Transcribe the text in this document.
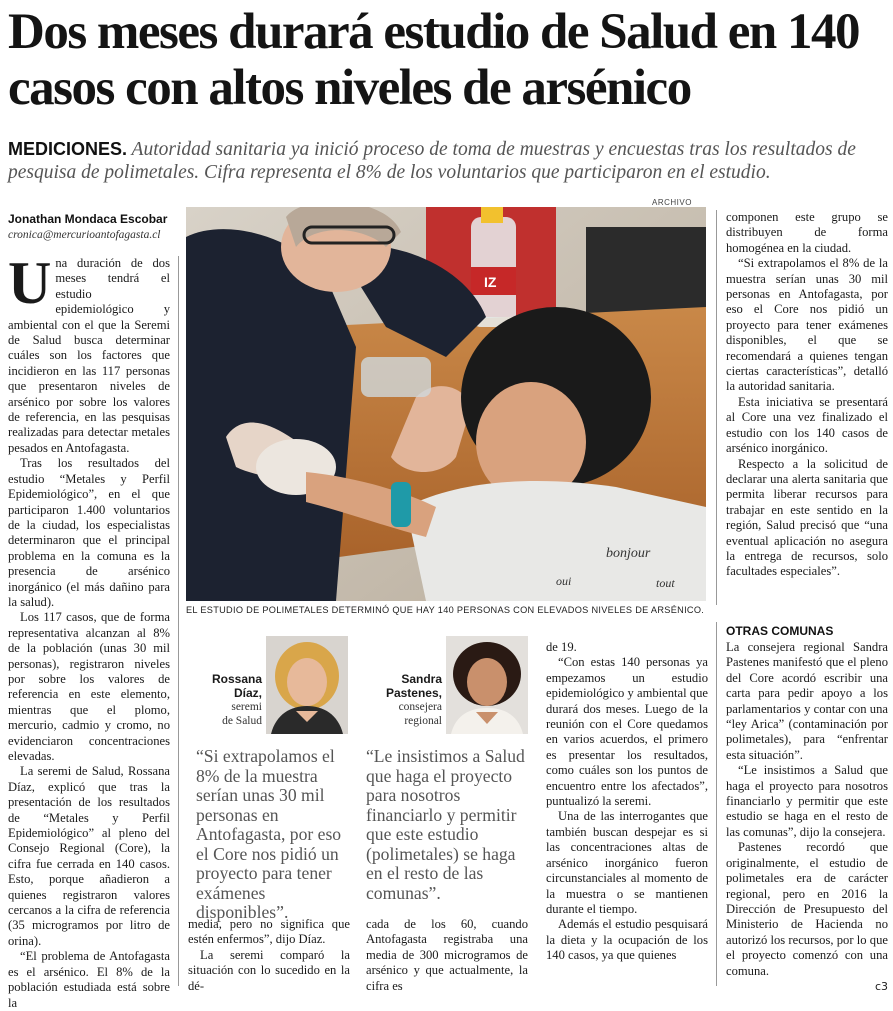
Dos meses durará estudio de Salud en 140 casos con altos niveles de arsénico

MEDICIONES. Autoridad sanitaria ya inició proceso de toma de muestras y encuestas tras los resultados de pesquisa de polimetales. Cifra representa el 8% de los voluntarios que participaron en el estudio.

Jonathan Mondaca Escobar
cronica@mercurioantofagasta.cl

Una duración de dos meses tendrá el estudio epidemiológico y ambiental con el que la Seremi de Salud busca determinar cuáles son los factores que incidieron en las 117 personas que presentaron niveles de arsénico por sobre los valores de referencia, en las pesquisas realizadas para detectar metales pesados en Antofagasta.

Tras los resultados del estudio “Metales y Perfil Epidemiológico”, en el que participaron 1.400 voluntarios de la ciudad, los especialistas determinaron que el principal problema en la comuna es la presencia de arsénico inorgánico (el más dañino para la salud).

Los 117 casos, que de forma representativa alcanzan al 8% de la población (unas 30 mil personas), registraron niveles por sobre los valores de referencia en este elemento, mientras que el plomo, mercurio, cadmio y cromo, no evidenciaron concentraciones elevadas.

La seremi de Salud, Rossana Díaz, explicó que tras la presentación de los resultados de “Metales y Perfil Epidemiológico” al pleno del Consejo Regional (Core), la cifra fue cerrada en 140 casos. Esto, porque añadieron a quienes registraron valores cercanos a la cifra de referencia (35 microgramos por litro de orina).

“El problema de Antofagasta es el arsénico. El 8% de la población estudiada está sobre la

ARCHIVO
IZ
bonjour
oui	tout
EL ESTUDIO DE POLIMETALES DETERMINÓ QUE HAY 140 PERSONAS CON ELEVADOS NIVELES DE ARSÉNICO.

componen este grupo se distribuyen de forma homogénea en la ciudad.

“Si extrapolamos el 8% de la muestra serían unas 30 mil personas en Antofagasta, por eso el Core nos pidió un proyecto para tener exámenes disponibles, el que se recomendará a quienes tengan ciertas características”, detalló la autoridad sanitaria.

Esta iniciativa se presentará al Core una vez finalizado el estudio con los 140 casos de arsénico inorgánico.

Respecto a la solicitud de declarar una alerta sanitaria que permita liberar recursos para trabajar en este sentido en la región, Salud precisó que “una eventual aplicación no asegura la entrega de recursos, solo facultades especiales”.

OTRAS COMUNAS

La consejera regional Sandra Pastenes manifestó que el pleno del Core acordó escribir una carta para pedir apoyo a los parlamentarios y contar con una “ley Arica” (contaminación por polimetales), para “enfrentar esta situación”.

“Le insistimos a Salud que haga el proyecto para nosotros financiarlo y permitir que este estudio se haga en el resto de las comunas”, dijo la consejera.

Pastenes recordó que originalmente, el estudio de polimetales era de carácter regional, pero en 2016 la Dirección de Presupuesto del Ministerio de Hacienda no autorizó los recursos, por lo que el proyecto comenzó con una comuna.

ᴄ3
Rossana
Díaz,
seremi
de Salud
“Si extrapolamos el 8% de la muestra serían unas 30 mil personas en Antofagasta, por eso el Core nos pidió un proyecto para tener exámenes disponibles”.
Sandra
Pastenes,
consejera
regional
“Le insistimos a Salud que haga el proyecto para nosotros financiarlo y permitir que este estudio (polimetales) se haga en el resto de las comunas”.

media, pero no significa que estén enfermos”, dijo Díaz.

La seremi comparó la situación con lo sucedido en la dé-

cada de los 60, cuando Antofagasta registraba una media de 300 microgramos de arsénico y que actualmente, la cifra es

de 19.

“Con estas 140 personas ya empezamos un estudio epidemiológico y ambiental que durará dos meses. Luego de la reunión con el Core quedamos en varios acuerdos, el primero es presentar los resultados, como cuáles son los puntos de encuentro entre los afectados”, puntualizó la seremi.

Una de las interrogantes que también buscan despejar es si las concentraciones altas de arsénico inorgánico fueron circunstanciales al momento de la muestra o se mantienen durante el tiempo.

Además el estudio pesquisará la dieta y la ocupación de los 140 casos, ya que quienes
